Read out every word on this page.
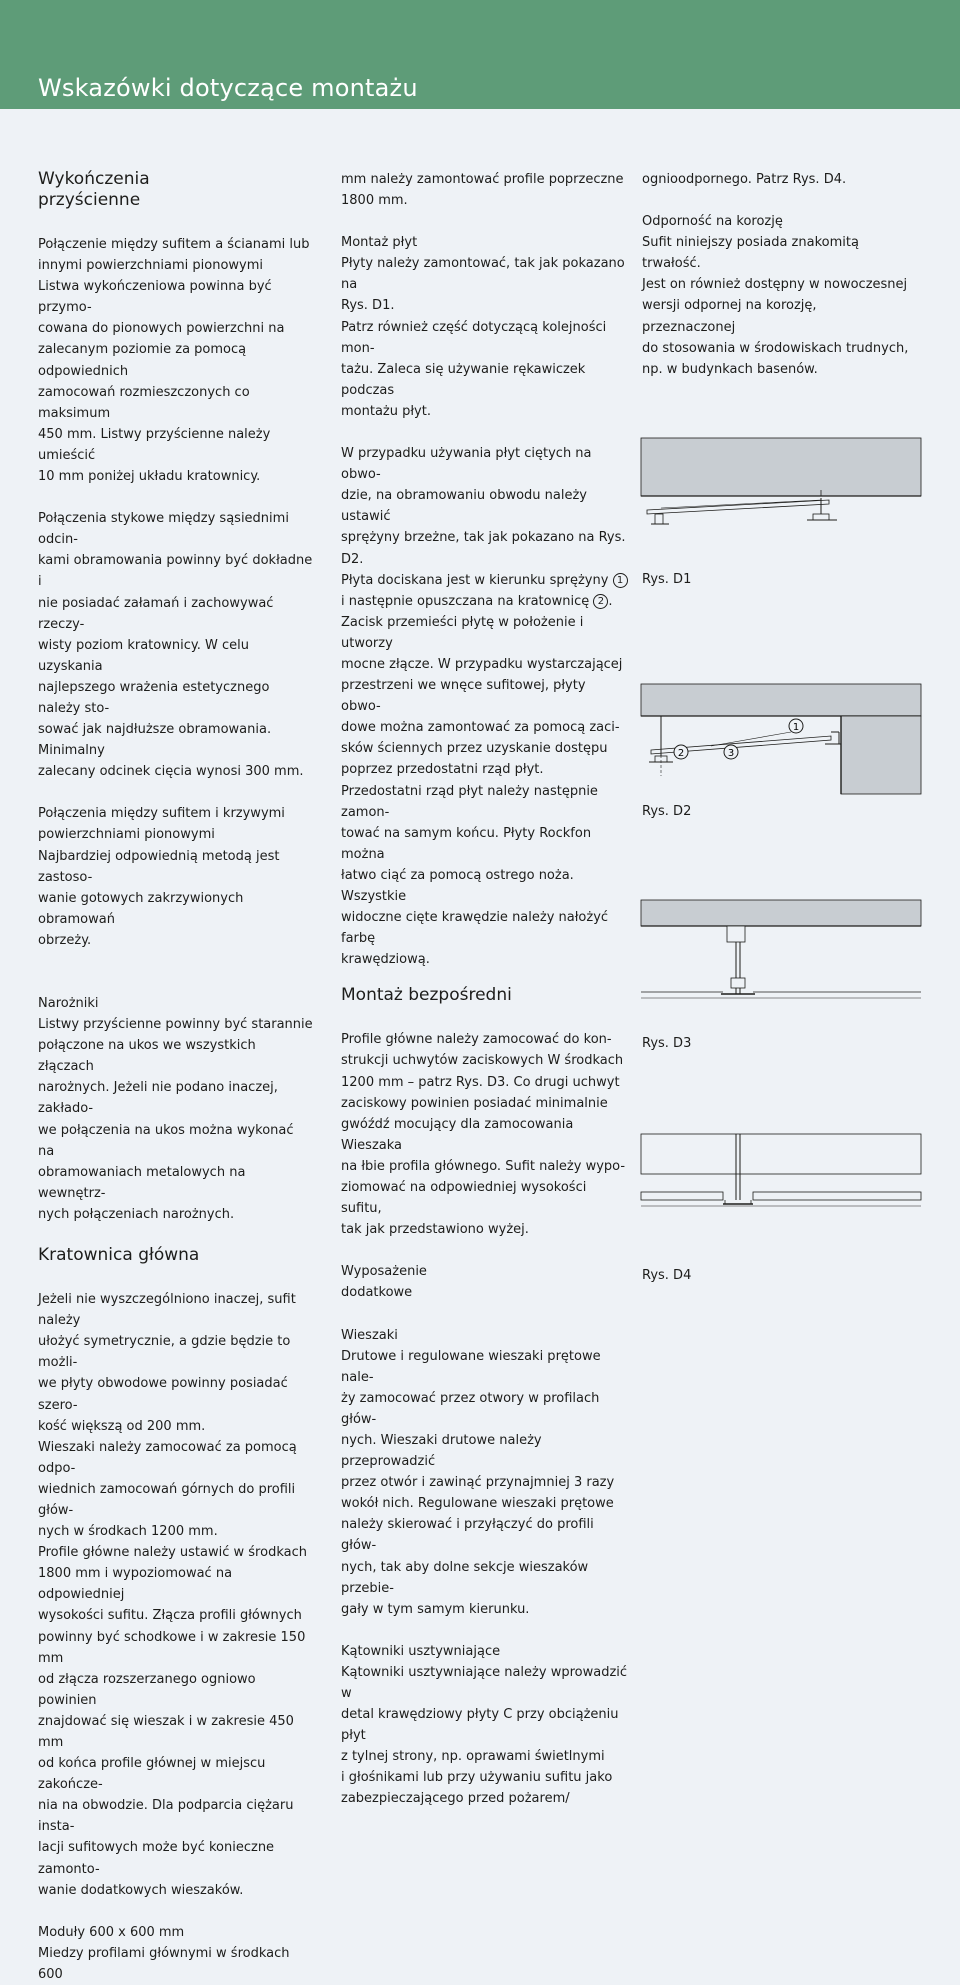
Wskazówki dotyczące montażu

Wykończenia
przyścienne

Połączenie między sufitem a ścianami lub
innymi powierzchniami pionowymi

Listwa wykończeniowa powinna być przymo-
cowana do pionowych powierzchni na
zalecanym poziomie za pomocą odpowiednich
zamocowań rozmieszczonych co maksimum
450 mm. Listwy przyścienne należy umieścić
10 mm poniżej układu kratownicy.

Połączenia stykowe między sąsiednimi odcin-
kami obramowania powinny być dokładne i
nie posiadać załamań i zachowywać rzeczy-
wisty poziom kratownicy. W celu uzyskania
najlepszego wrażenia estetycznego należy sto-
sować jak najdłuższe obramowania. Minimalny
zalecany odcinek cięcia wynosi 300 mm.

Połączenia między sufitem i krzywymi
powierzchniami pionowymi

Najbardziej odpowiednią metodą jest zastoso-
wanie gotowych zakrzywionych obramowań
obrzeży.

Narożniki

Listwy przyścienne powinny być starannie
połączone na ukos we wszystkich złączach
narożnych. Jeżeli nie podano inaczej, zakłado-
we połączenia na ukos można wykonać na
obramowaniach metalowych na wewnętrz-
nych połączeniach narożnych.

Kratownica główna

Jeżeli nie wyszczególniono inaczej, sufit należy
ułożyć symetrycznie, a gdzie będzie to możli-
we płyty obwodowe powinny posiadać szero-
kość większą od 200 mm.
Wieszaki należy zamocować za pomocą odpo-
wiednich zamocowań górnych do profili głów-
nych w środkach 1200 mm.
Profile główne należy ustawić w środkach
1800 mm i wypoziomować na odpowiedniej
wysokości sufitu. Złącza profili głównych
powinny być schodkowe i w zakresie 150 mm
od złącza rozszerzanego ogniowo powinien
znajdować się wieszak i w zakresie 450 mm
od końca profile głównej w miejscu zakończe-
nia na obwodzie. Dla podparcia ciężaru insta-
lacji sufitowych może być konieczne zamonto-
wanie dodatkowych wieszaków.

Moduły 600 x 600 mm

Miedzy profilami głównymi w środkach 600

mm należy zamontować profile poprzeczne
1800 mm.

Montaż płyt

Płyty należy zamontować, tak jak pokazano na
Rys. D1.
Patrz również część dotyczącą kolejności mon-
tażu. Zaleca się używanie rękawiczek podczas
montażu płyt.

W przypadku używania płyt ciętych na obwo-
dzie, na obramowaniu obwodu należy ustawić
sprężyny brzeżne, tak jak pokazano na Rys. D2.

Płyta dociskana jest w kierunku sprężyny 1

i następnie opuszczana na kratownicę 2 .

Zacisk przemieści płytę w położenie i utworzy
mocne złącze. W przypadku wystarczającej
przestrzeni we wnęce sufitowej, płyty obwo-
dowe można zamontować za pomocą zaci-
sków ściennych przez uzyskanie dostępu
poprzez przedostatni rząd płyt.
Przedostatni rząd płyt należy następnie zamon-
tować na samym końcu. Płyty Rockfon można
łatwo ciąć za pomocą ostrego noża. Wszystkie
widoczne cięte krawędzie należy nałożyć farbę
krawędziową.

Montaż bezpośredni

Profile główne należy zamocować do kon-
strukcji uchwytów zaciskowych W środkach
1200 mm – patrz Rys. D3. Co drugi uchwyt
zaciskowy powinien posiadać minimalnie
gwóźdź mocujący dla zamocowania Wieszaka
na łbie profila głównego. Sufit należy wypo-
ziomować na odpowiedniej wysokości sufitu,
tak jak przedstawiono wyżej.

Wyposażenie
dodatkowe

Wieszaki

Drutowe i regulowane wieszaki prętowe nale-
ży zamocować przez otwory w profilach głów-
nych. Wieszaki drutowe należy przeprowadzić
przez otwór i zawinąć przynajmniej 3 razy
wokół nich. Regulowane wieszaki prętowe
należy skierować i przyłączyć do profili głów-
nych, tak aby dolne sekcje wieszaków przebie-
gały w tym samym kierunku.

Kątowniki usztywniające

Kątowniki usztywniające należy wprowadzić w
detal krawędziowy płyty C przy obciążeniu płyt
z tylnej strony, np. oprawami świetlnymi
i głośnikami lub przy używaniu sufitu jako
zabezpieczającego przed pożarem/

ognioodpornego. Patrz Rys. D4.

Odporność na korozję

Sufit niniejszy posiada znakomitą trwałość.
Jest on również dostępny w nowoczesnej
wersji odpornej na korozję, przeznaczonej
do stosowania w środowiskach trudnych,
np. w budynkach basenów.

Rys. D1
2	3
1
Rys. D2
Rys. D3
Rys. D4
